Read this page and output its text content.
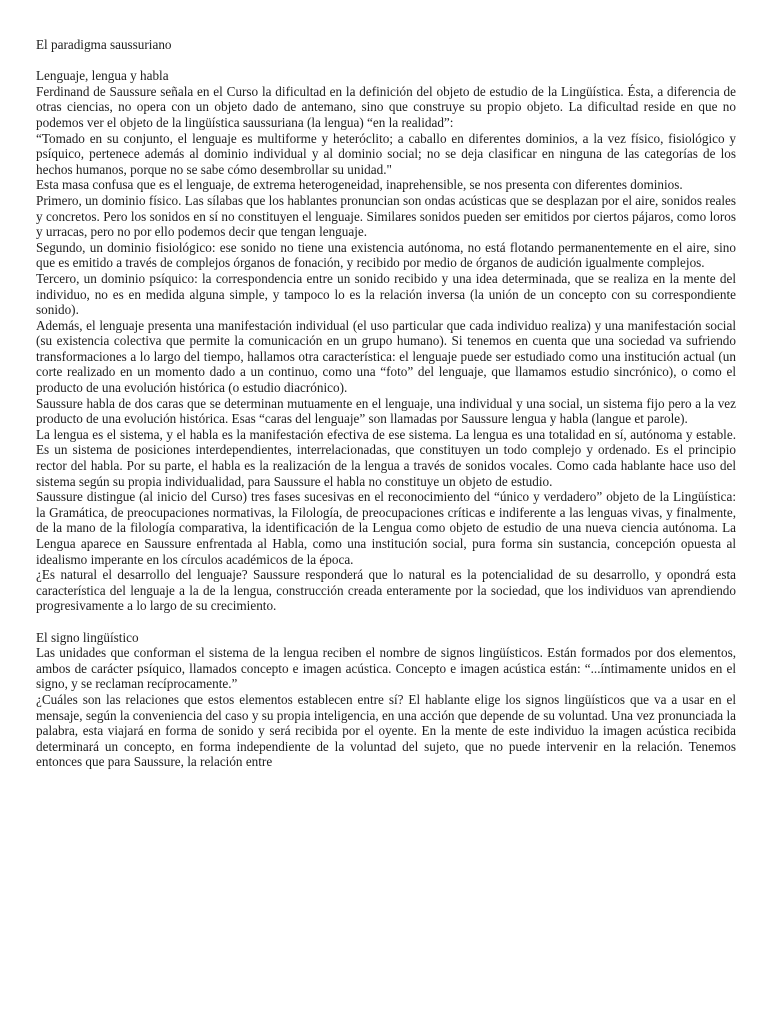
El paradigma saussuriano

Lenguaje, lengua y habla

Ferdinand de Saussure señala en el Curso la dificultad en la definición del objeto de estudio de la Lingüística. Ésta, a diferencia de otras ciencias, no opera con un objeto dado de antemano, sino que construye su propio objeto. La dificultad reside en que no podemos ver el objeto de la lingüística saussuriana (la lengua) “en la realidad”:

“Tomado en su conjunto, el lenguaje es multiforme y heteróclito; a caballo en diferentes dominios, a la vez físico, fisiológico y psíquico, pertenece además al dominio individual y al dominio social; no se deja clasificar en ninguna de las categorías de los hechos humanos, porque no se sabe cómo desembrollar su unidad."

Esta masa confusa que es el lenguaje, de extrema heterogeneidad, inaprehensible, se nos presenta con diferentes dominios.

Primero, un dominio físico. Las sílabas que los hablantes pronuncian son ondas acústicas que se desplazan por el aire, sonidos reales y concretos. Pero los sonidos en sí no constituyen el lenguaje. Similares sonidos pueden ser emitidos por ciertos pájaros, como loros y urracas, pero no por ello podemos decir que tengan lenguaje.

Segundo, un dominio fisiológico: ese sonido no tiene una existencia autónoma, no está flotando permanentemente en el aire, sino que es emitido a través de complejos órganos de fonación, y recibido por medio de órganos de audición igualmente complejos.

Tercero, un dominio psíquico: la correspondencia entre un sonido recibido y una idea determinada, que se realiza en la mente del individuo, no es en medida alguna simple, y tampoco lo es la relación inversa (la unión de un concepto con su correspondiente sonido).

Además, el lenguaje presenta una manifestación individual (el uso particular que cada individuo realiza) y una manifestación social (su existencia colectiva que permite la comunicación en un grupo humano). Si tenemos en cuenta que una sociedad va sufriendo transformaciones a lo largo del tiempo, hallamos otra característica: el lenguaje puede ser estudiado como una institución actual (un corte realizado en un momento dado a un continuo, como una “foto” del lenguaje, que llamamos estudio sincrónico), o como el producto de una evolución histórica (o estudio diacrónico).

Saussure habla de dos caras que se determinan mutuamente en el lenguaje, una individual y una social, un sistema fijo pero a la vez producto de una evolución histórica. Esas “caras del lenguaje” son llamadas por Saussure lengua y habla (langue et parole).

La lengua es el sistema, y el habla es la manifestación efectiva de ese sistema. La lengua es una totalidad en sí, autónoma y estable. Es un sistema de posiciones interdependientes, interrelacionadas, que constituyen un todo complejo y ordenado. Es el principio rector del habla. Por su parte, el habla es la realización de la lengua a través de sonidos vocales. Como cada hablante hace uso del sistema según su propia individualidad, para Saussure el habla no constituye un objeto de estudio.

Saussure distingue (al inicio del Curso) tres fases sucesivas en el reconocimiento del “único y verdadero” objeto de la Lingüística: la Gramática, de preocupaciones normativas, la Filología, de preocupaciones críticas e indiferente a las lenguas vivas, y finalmente, de la mano de la filología comparativa, la identificación de la Lengua como objeto de estudio de una nueva ciencia autónoma. La Lengua aparece en Saussure enfrentada al Habla, como una institución social, pura forma sin sustancia, concepción opuesta al idealismo imperante en los círculos académicos de la época.

¿Es natural el desarrollo del lenguaje? Saussure responderá que lo natural es la potencialidad de su desarrollo, y opondrá esta característica del lenguaje a la de la lengua, construcción creada enteramente por la sociedad, que los individuos van aprendiendo progresivamente a lo largo de su crecimiento.

El signo lingüístico

Las unidades que conforman el sistema de la lengua reciben el nombre de signos lingüísticos. Están formados por dos elementos, ambos de carácter psíquico, llamados concepto e imagen acústica. Concepto e imagen acústica están: “...íntimamente unidos en el signo, y se reclaman recíprocamente.”

¿Cuáles son las relaciones que estos elementos establecen entre sí? El hablante elige los signos lingüísticos que va a usar en el mensaje, según la conveniencia del caso y su propia inteligencia, en una acción que depende de su voluntad. Una vez pronunciada la palabra, esta viajará en forma de sonido y será recibida por el oyente. En la mente de este individuo la imagen acústica recibida determinará un concepto, en forma independiente de la voluntad del sujeto, que no puede intervenir en la relación. Tenemos entonces que para Saussure, la relación entre
